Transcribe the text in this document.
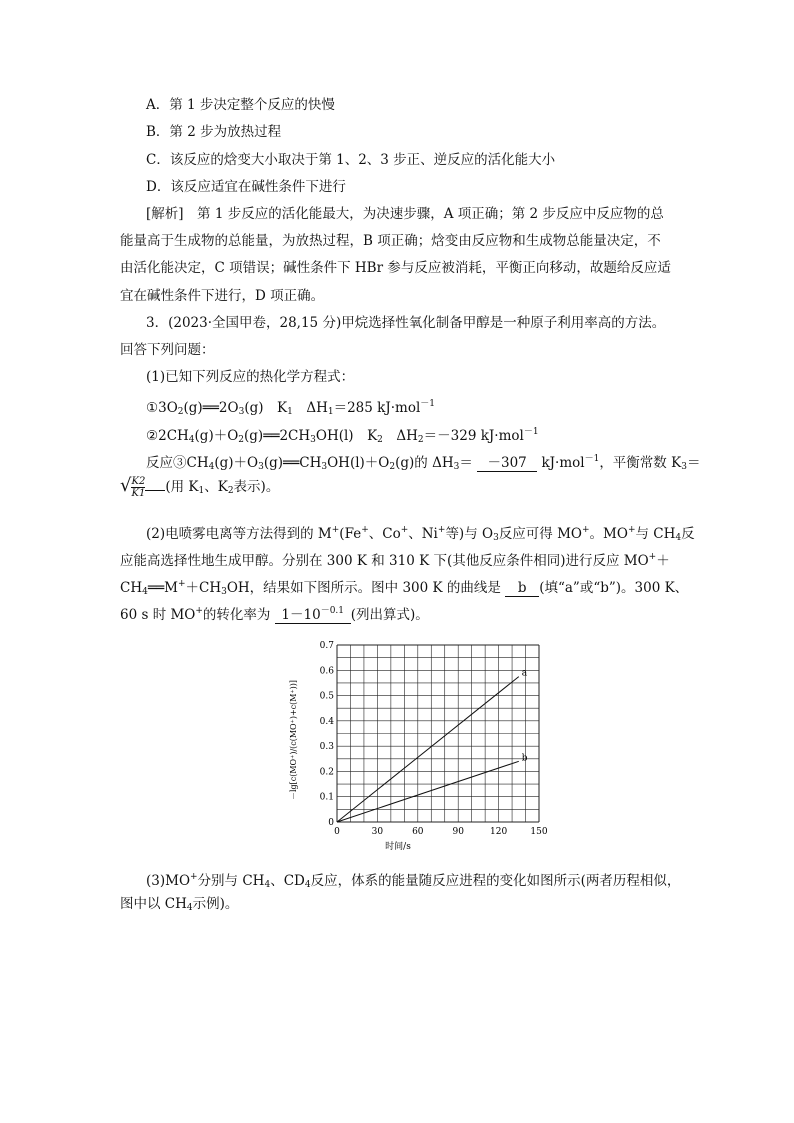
A．第 1 步决定整个反应的快慢
B．第 2 步为放热过程
C．该反应的焓变大小取决于第 1、2、3 步正、逆反应的活化能大小
D．该反应适宜在碱性条件下进行
[解析]　第 1 步反应的活化能最大，为决速步骤，A 项正确；第 2 步反应中反应物的总
能量高于生成物的总能量，为放热过程，B 项正确；焓变由反应物和生成物总能量决定，不
由活化能决定，C 项错误；碱性条件下 HBr 参与反应被消耗，平衡正向移动，故题给反应适
宜在碱性条件下进行，D 项正确。
3．(2023·全国甲卷，28,15 分)甲烷选择性氧化制备甲醇是一种原子利用率高的方法。
回答下列问题：
(1)已知下列反应的热化学方程式：
$①3O_2(g)══2O_3(g)$　$K_1$　$\Delta H_1=285$ kJ·mol$^{-1}$
$②2CH_4(g)+O_2(g)══2CH_3OH(l)$　$K_2$　$\Delta H_2=-329$ kJ·mol$^{-1}$
反应$③CH_4(g)+O_3(g)══CH_3OH(l)+O_2(g)$的 $\Delta H_3= -307$ kJ·mol$^{-1}$，平衡常数 $K_3=$
√ $\frac{K2}{K1}$ (用 $K_1$、$K_2$表示)。
(2)电喷雾电离等方法得到的 M+(Fe+、Co+、Ni+等)与 $O_3$反应可得 MO+。MO+与 $CH_4$反
应能高选择性地生成甲醇。分别在 300 K 和 310 K 下(其他反应条件相同)进行反应 MO+＋
$CH_4══M^++CH_3OH$，结果如下图所示。图中 300 K 的曲线是 b (填“a”或“b”)。300 K、
60 s 时 MO+的转化率为 $1-10^{-0.1}$ (列出算式)。
0	30	60	90	120	150
0
0.1
0.2
0.3
0.4
0.5
0.6
0.7
a
b
时间/s
－lg[c(MO⁺)/(c(MO⁺)+c(M⁺))]
(3)MO+分别与 $CH_4$、$CD_4$反应，体系的能量随反应进程的变化如图所示(两者历程相似，
图中以 $CH_4$示例)。
